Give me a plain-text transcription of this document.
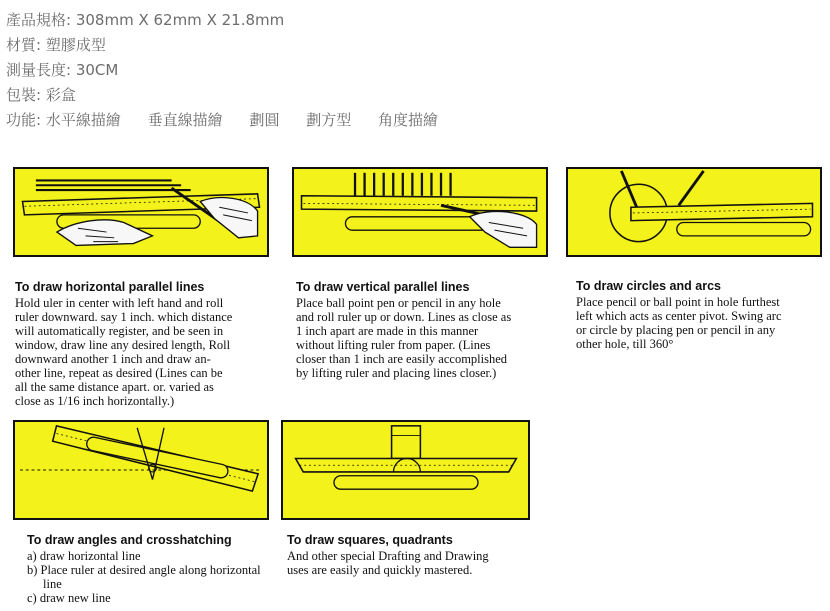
產品規格: 308mm X 62mm X 21.8mm
材質: 塑膠成型
測量長度: 30CM
包裝: 彩盒
功能: 水平線描繪 垂直線描繪 劃圓 劃方型 角度描繪
To draw horizontal parallel lines
Hold uler in center with left hand and roll
ruler downward. say 1 inch. which distance
will automatically register, and be seen in
window, draw line any desired length, Roll
downward another 1 inch and draw an-
other line, repeat as desired (Lines can be
all the same distance apart. or. varied as
close as 1/16 inch horizontally.)
To draw vertical parallel lines
Place ball point pen or pencil in any hole
and roll ruler up or down. Lines as close as
1 inch apart are made in this manner
without lifting ruler from paper. (Lines
closer than 1 inch are easily accomplished
by lifting ruler and placing lines closer.)
To draw circles and arcs
Place pencil or ball point in hole furthest
left which acts as center pivot. Swing arc
or circle by placing pen or pencil in any
other hole, till 360°
To draw angles and crosshatching
a) draw horizontal line
b) Place ruler at desired angle along horizontal line
c) draw new line
To draw squares, quadrants
And other special Drafting and Drawing
uses are easily and quickly mastered.
